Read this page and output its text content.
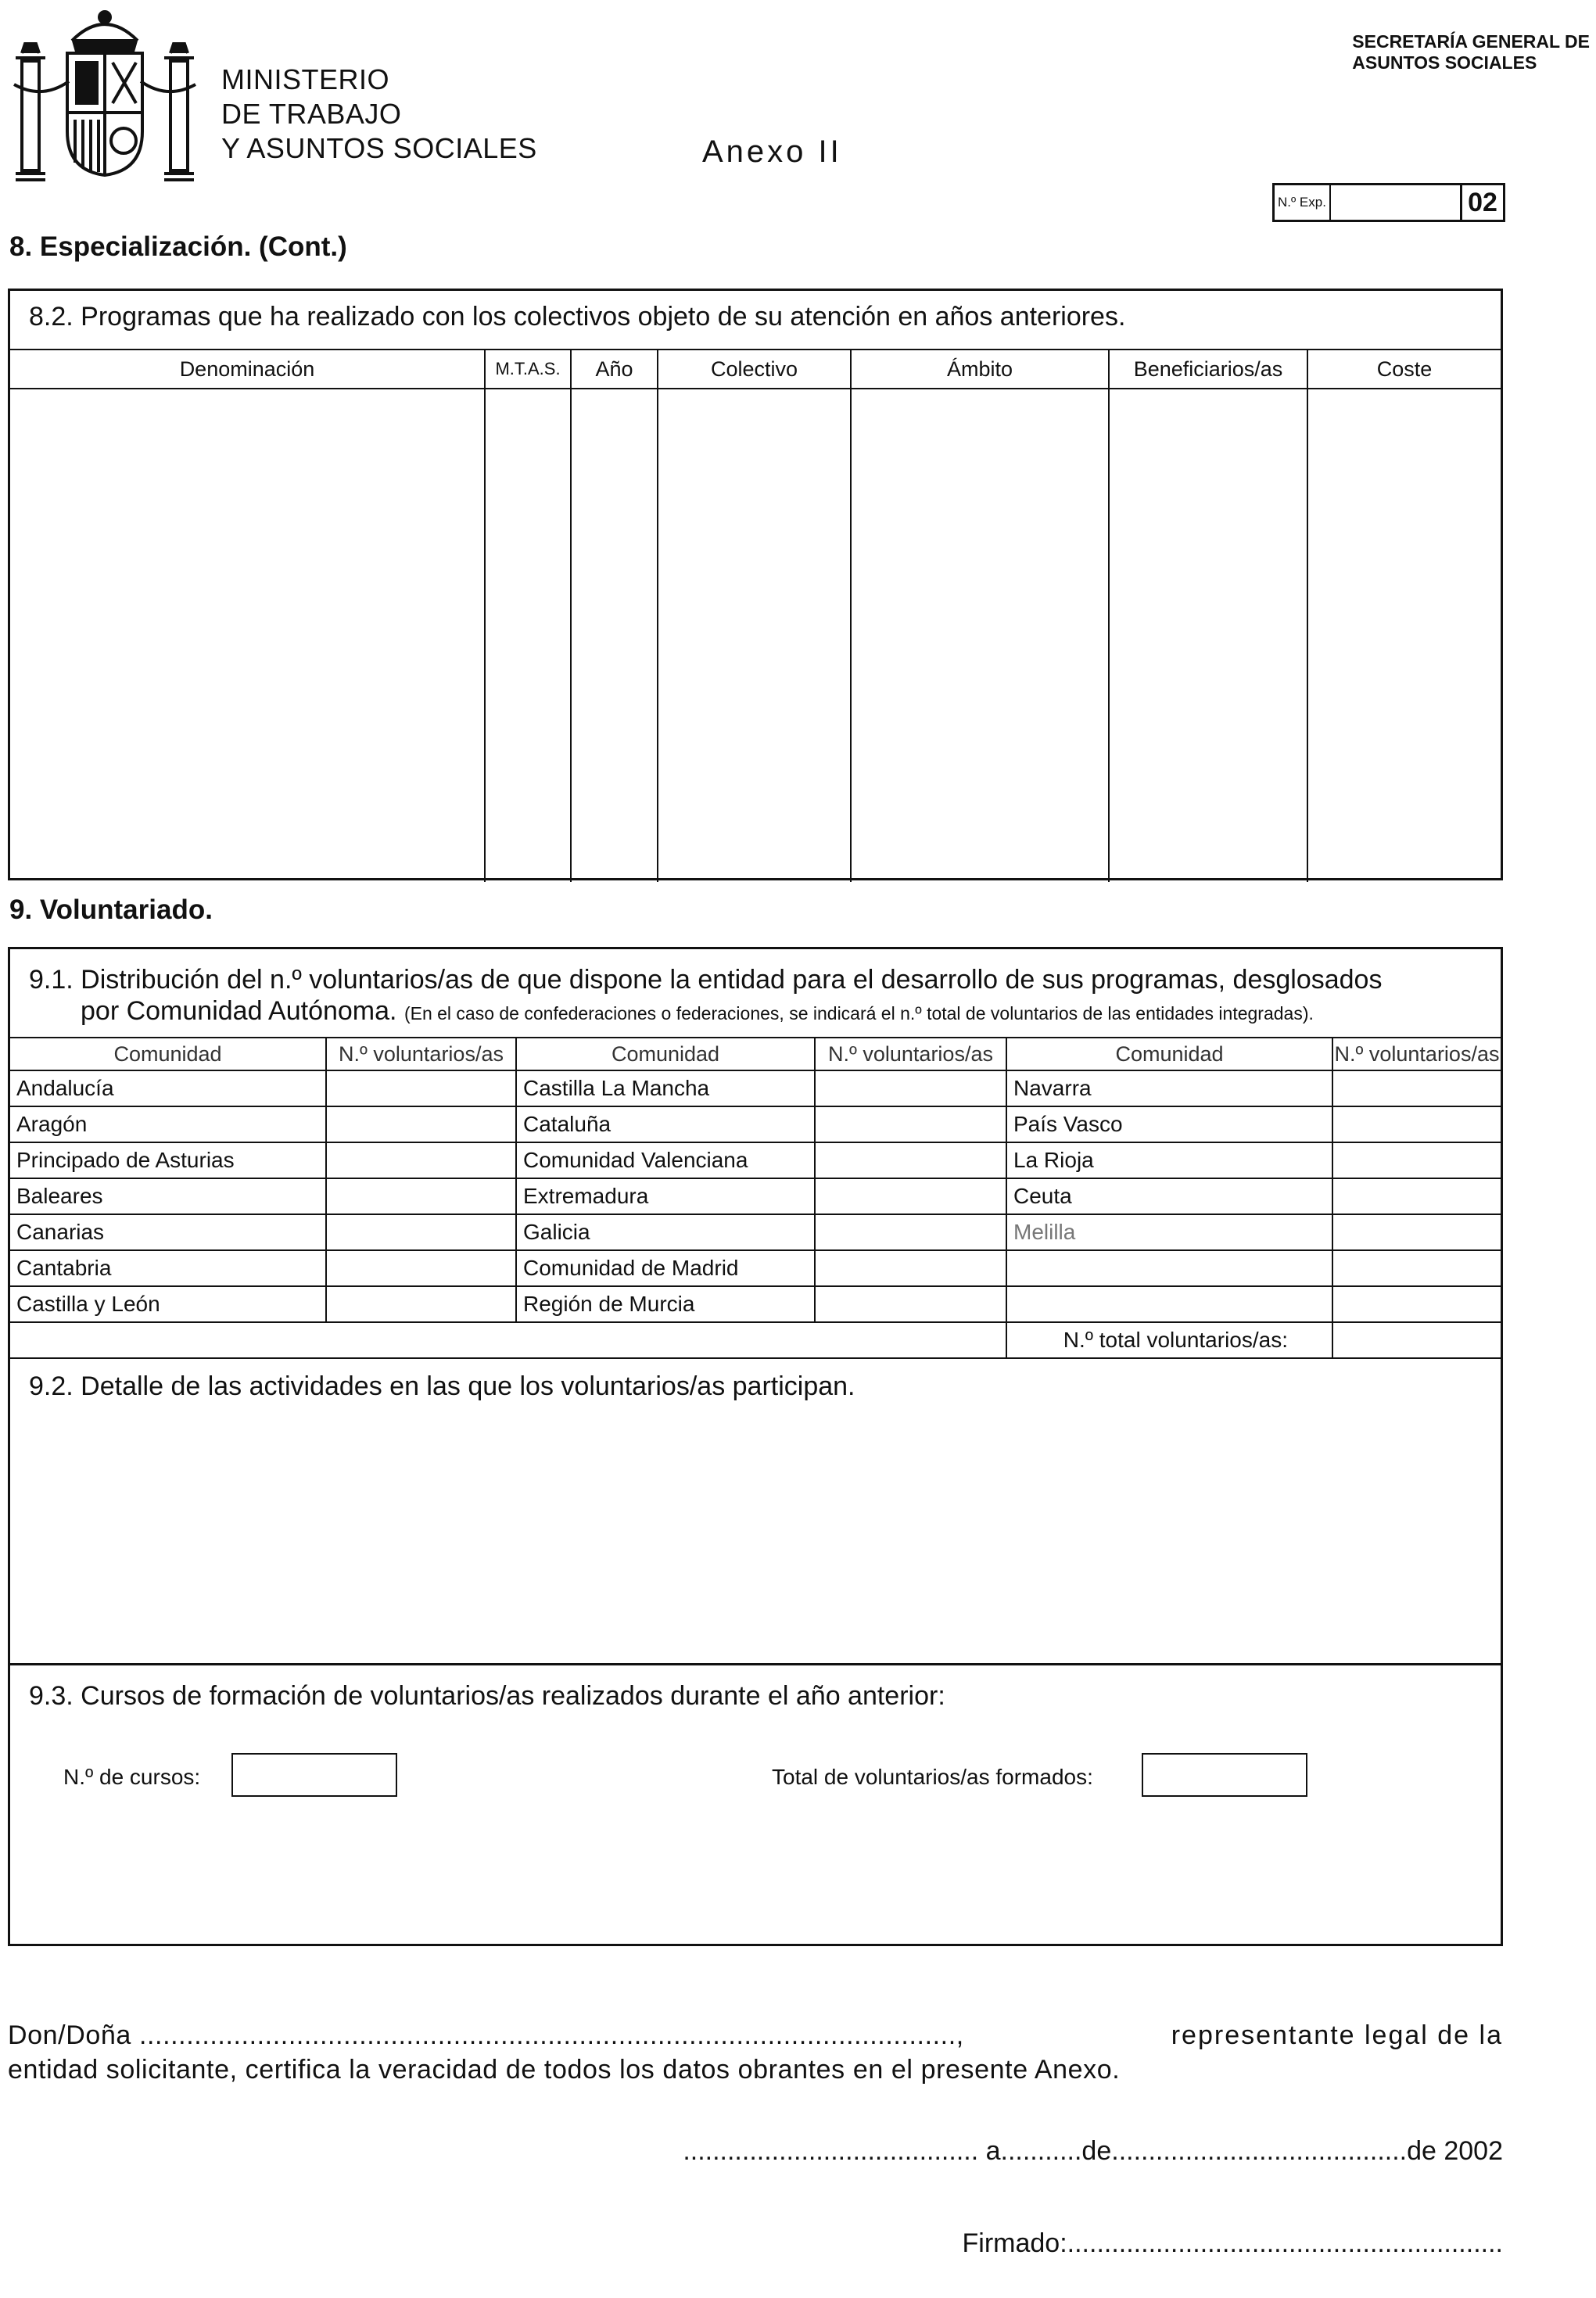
MINISTERIO
DE TRABAJO
Y ASUNTOS SOCIALES	Anexo II
SECRETARÍA GENERAL DE
ASUNTOS SOCIALES
N.º Exp.	02
8. Especialización. (Cont.)
8.2. Programas que ha realizado con los colectivos objeto de su atención en años anteriores.
Denominación	M.T.A.S.	Año	Colectivo	Ámbito	Beneficiarios/as	Coste

9. Voluntariado.
9.1. Distribución del n.º voluntarios/as de que dispone la entidad para el desarrollo de sus programas, desglosados
por Comunidad Autónoma. (En el caso de confederaciones o federaciones, se indicará el n.º total de voluntarios de las entidades integradas).
Comunidad	N.º voluntarios/as	Comunidad	N.º voluntarios/as	Comunidad	N.º voluntarios/as
Andalucía		Castilla La Mancha		Navarra	
Aragón		Cataluña		País Vasco	
Principado de Asturias		Comunidad Valenciana		La Rioja	
Baleares		Extremadura		Ceuta	
Canarias		Galicia		Melilla	
Cantabria		Comunidad de Madrid			
Castilla y León		Región de Murcia			
				N.º total voluntarios/as:	
9.2. Detalle de las actividades en las que los voluntarios/as participan.
9.3. Cursos de formación de voluntarios/as realizados durante el año anterior:
N.º de cursos:	Total de voluntarios/as formados:
Don/Doña ........................................................................................................,	representante legal de la
entidad solicitante, certifica la veracidad de todos los datos obrantes en el presente Anexo.
........................................ a...........de........................................de 2002
Firmado:...........................................................
